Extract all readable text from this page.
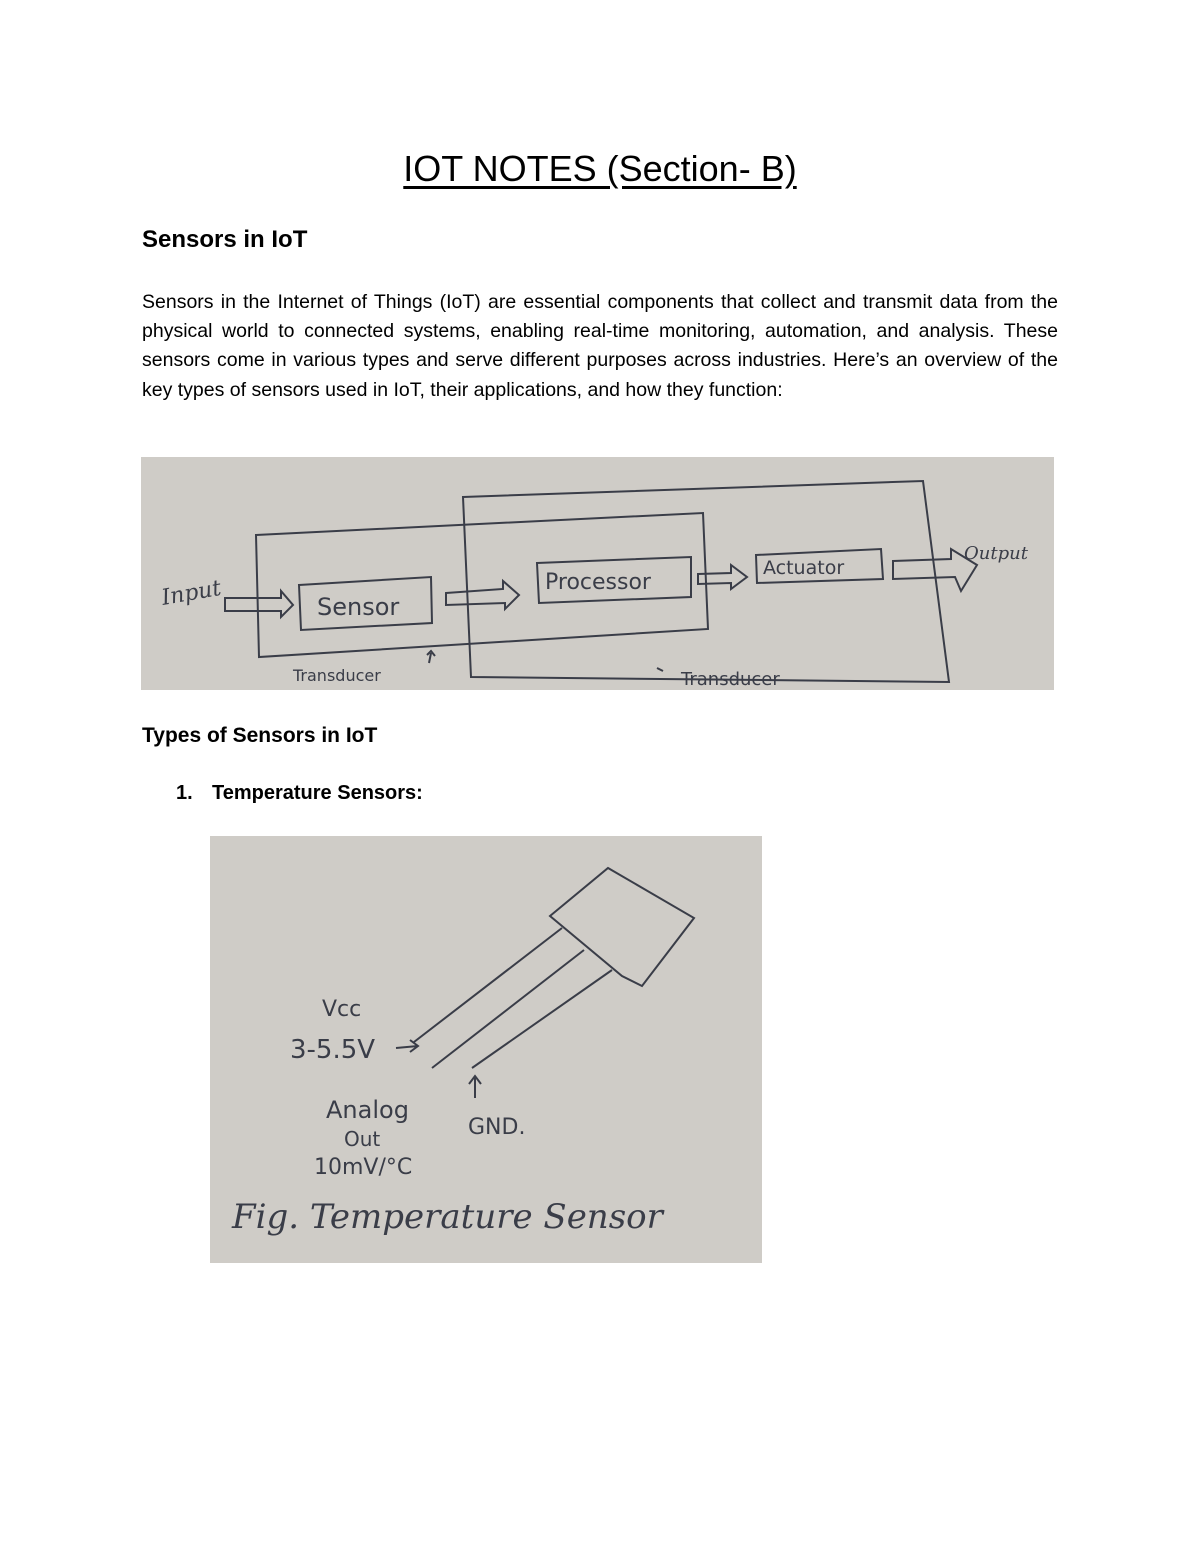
IOT NOTES (Section- B)
Sensors in IoT

Sensors in the Internet of Things (IoT) are essential components that collect and transmit data from the physical world to connected systems, enabling real-time monitoring, automation, and analysis. These sensors come in various types and serve different purposes across industries. Here’s an overview of the key types of sensors used in IoT, their applications, and how they function:

Input	Sensor
Processor
Actuator
Output
Transducer	Transducer
Types of Sensors in IoT
1. Temperature Sensors:
Vcc
3-5.5V
Analog
Out
10mV/°C
GND.
Fig. Temperature Sensor
